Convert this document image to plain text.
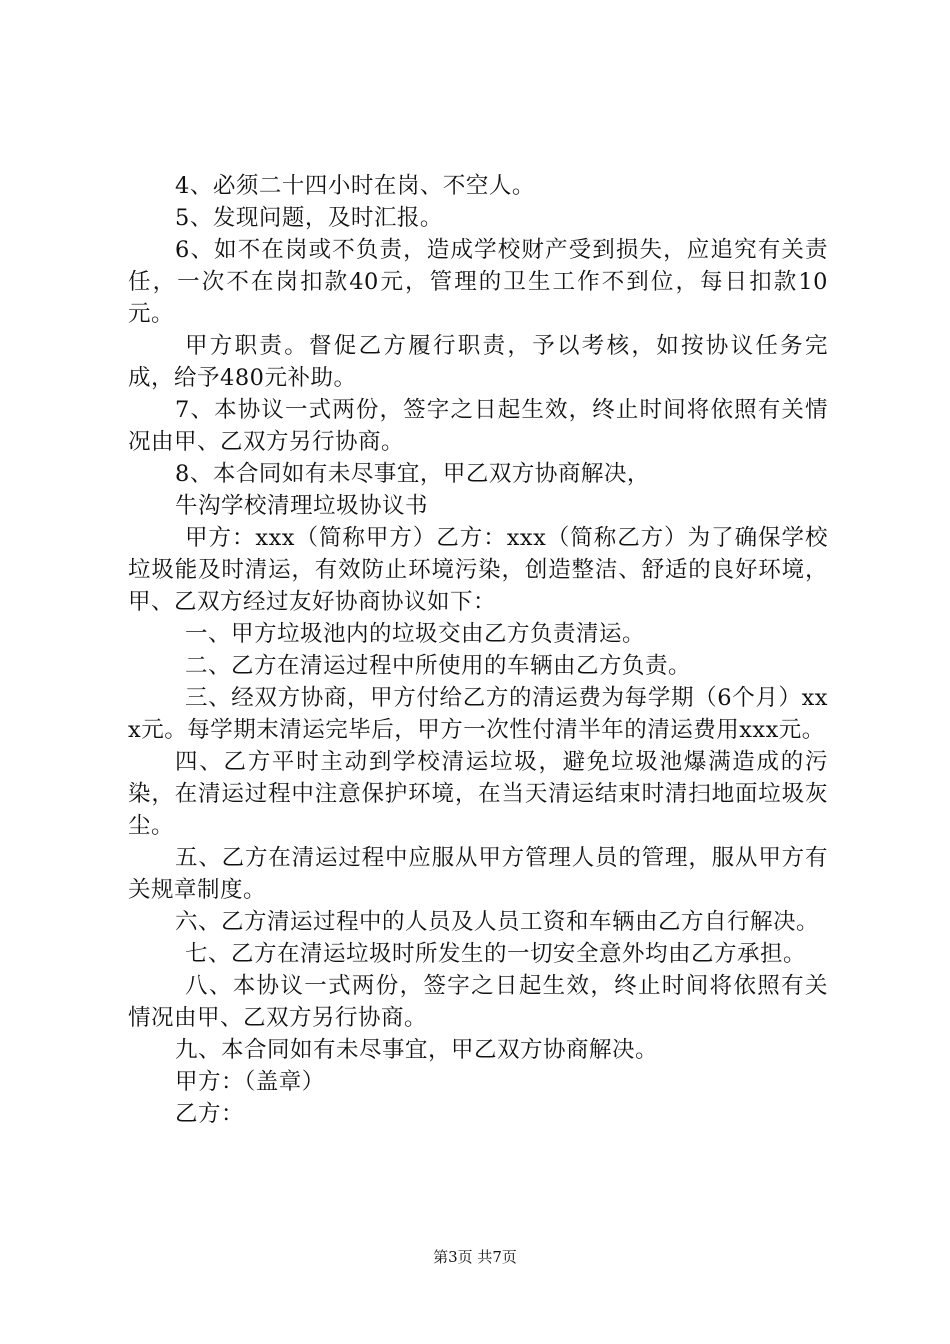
4、必须二十四小时在岗、不空人。

5、发现问题，及时汇报。

6、如不在岗或不负责，造成学校财产受到损失，应追究有关责任，一次不在岗扣款40元，管理的卫生工作不到位，每日扣款10元。

甲方职责。督促乙方履行职责，予以考核，如按协议任务完成，给予480元补助。

7、本协议一式两份，签字之日起生效，终止时间将依照有关情况由甲、乙双方另行协商。

8、本合同如有未尽事宜，甲乙双方协商解决，

牛沟学校清理垃圾协议书

甲方：xxx（简称甲方）乙方：xxx（简称乙方）为了确保学校垃圾能及时清运，有效防止环境污染，创造整洁、舒适的良好环境，甲、乙双方经过友好协商协议如下：

一、甲方垃圾池内的垃圾交由乙方负责清运。

二、乙方在清运过程中所使用的车辆由乙方负责。

三、经双方协商，甲方付给乙方的清运费为每学期（6个月）xxx元。每学期末清运完毕后，甲方一次性付清半年的清运费用xxx元。

四、乙方平时主动到学校清运垃圾，避免垃圾池爆满造成的污染，在清运过程中注意保护环境，在当天清运结束时清扫地面垃圾灰尘。

五、乙方在清运过程中应服从甲方管理人员的管理，服从甲方有关规章制度。

六、乙方清运过程中的人员及人员工资和车辆由乙方自行解决。

七、乙方在清运垃圾时所发生的一切安全意外均由乙方承担。

八、本协议一式两份，签字之日起生效，终止时间将依照有关情况由甲、乙双方另行协商。

九、本合同如有未尽事宜，甲乙双方协商解决。

甲方：（盖章）

乙方：

第3页 共7页
